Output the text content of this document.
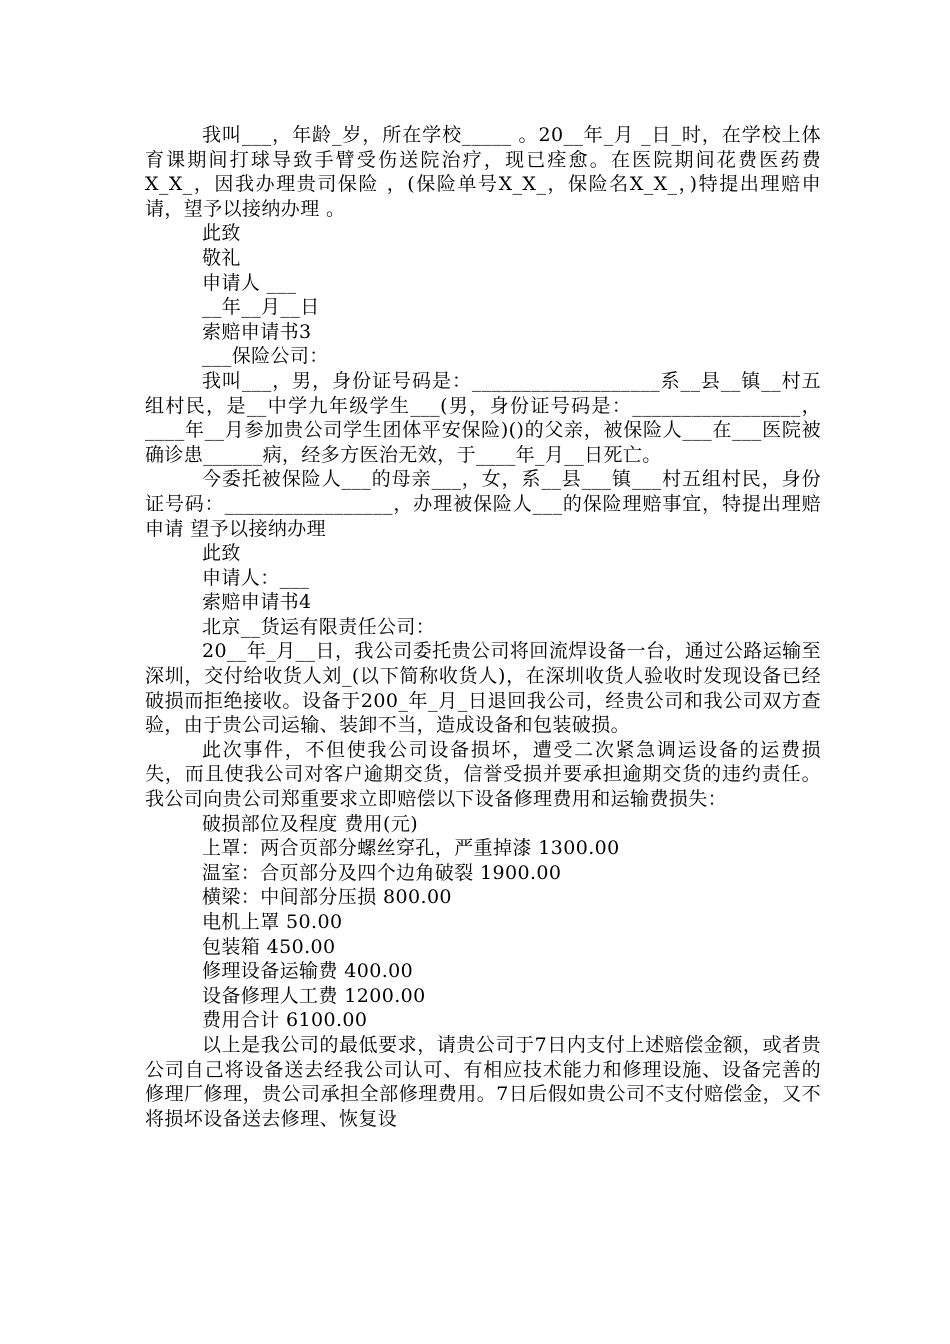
我叫___，年龄_岁，所在学校_____ 。20__年_月 _日_时，在学校上体育课期间打球导致手臂受伤送院治疗，现已痊愈。在医院期间花费医药费X_X_，因我办理贵司保险 ，(保险单号X_X_，保险名X_X_，)特提出理赔申请，望予以接纳办理 。

此致

敬礼

申请人 ___

__年__月__日

索赔申请书3

___保险公司：

我叫___，男，身份证号码是：___________________系__县__镇__村五组村民，是__中学九年级学生___(男，身份证号码是：_________________，____年__月参加贵公司学生团体平安保险)()的父亲，被保险人___在___医院被确诊患______病，经多方医治无效，于____年_月__日死亡。

今委托被保险人___的母亲___，女，系__县___镇___村五组村民，身份证号码：_________________，办理被保险人___的保险理赔事宜，特提出理赔申请 望予以接纳办理

此致

申请人：___

索赔申请书4

北京__货运有限责任公司：

20__年_月__日，我公司委托贵公司将回流焊设备一台，通过公路运输至深圳，交付给收货人刘_(以下简称收货人)，在深圳收货人验收时发现设备已经破损而拒绝接收。设备于200_年_月_日退回我公司，经贵公司和我公司双方查验，由于贵公司运输、装卸不当，造成设备和包装破损。

此次事件，不但使我公司设备损坏，遭受二次紧急调运设备的运费损失，而且使我公司对客户逾期交货，信誉受损并要承担逾期交货的违约责任。我公司向贵公司郑重要求立即赔偿以下设备修理费用和运输费损失：

破损部位及程度 费用(元)

上罩：两合页部分螺丝穿孔，严重掉漆 1300.00

温室：合页部分及四个边角破裂 1900.00

横梁：中间部分压损 800.00

电机上罩 50.00

包装箱 450.00

修理设备运输费 400.00

设备修理人工费 1200.00

费用合计 6100.00

以上是我公司的最低要求，请贵公司于7日内支付上述赔偿金额，或者贵公司自己将设备送去经我公司认可、有相应技术能力和修理设施、设备完善的修理厂修理，贵公司承担全部修理费用。7日后假如贵公司不支付赔偿金，又不将损坏设备送去修理、恢复设
